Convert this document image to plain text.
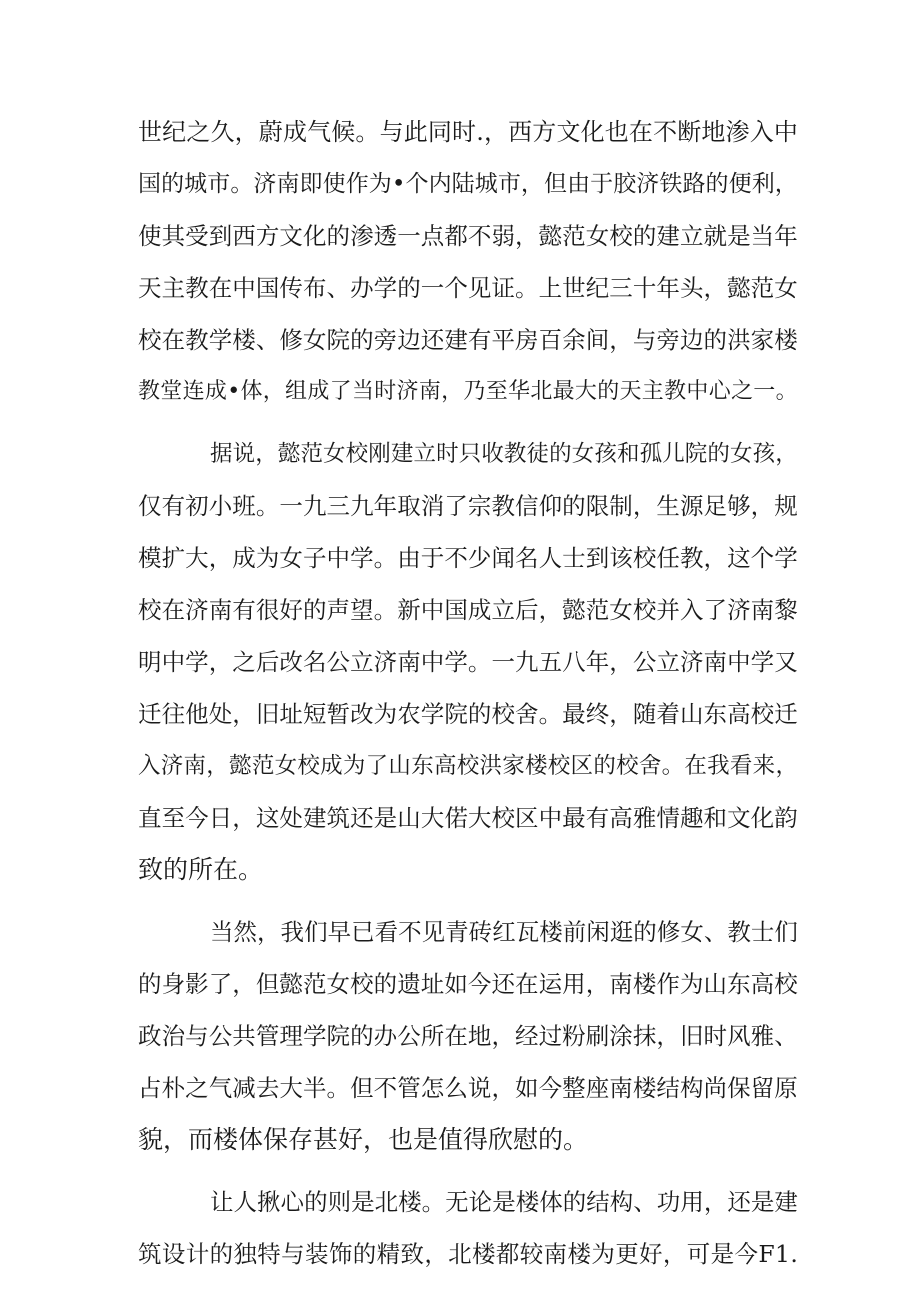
世 纪 之 久 ， 蔚 成 气 候 。 与 此 同 时 . ， 西 方 文 化 也 在 不 断 地 渗 入 中
国 的 城 市 。 济 南 即 使 作 为 • 个 内 陆 城 市 ， 但 由 于 胶 济 铁 路 的 便 利 ，
使 其 受 到 西 方 文 化 的 渗 透 一 点 都 不 弱 ， 懿 范 女 校 的 建 立 就 是 当 年
天 主 教 在 中 国 传 布 、 办 学 的 一 个 见 证 。 上 世 纪 三 十 年 头 ， 懿 范 女
校 在 教 学 楼 、 修 女 院 的 旁 边 还 建 有 平 房 百 余 间 ， 与 旁 边 的 洪 家 楼
教 堂 连 成 • 体 ， 组 成 了 当 时 济 南 ， 乃 至 华 北 最 大 的 天 主 教 中 心 之 一 。
据 说 ， 懿 范 女 校 刚 建 立 时 只 收 教 徒 的 女 孩 和 孤 儿 院 的 女 孩 ，
仅 有 初 小 班 。 一 九 三 九 年 取 消 了 宗 教 信 仰 的 限 制 ， 生 源 足 够 ， 规
模 扩 大 ， 成 为 女 子 中 学 。 由 于 不 少 闻 名 人 士 到 该 校 任 教 ， 这 个 学
校 在 济 南 有 很 好 的 声 望 。 新 中 国 成 立 后 ， 懿 范 女 校 并 入 了 济 南 黎
明 中 学 ， 之 后 改 名 公 立 济 南 中 学 。 一 九 五 八 年 ， 公 立 济 南 中 学 又
迁 往 他 处 ， 旧 址 短 暂 改 为 农 学 院 的 校 舍 。 最 终 ， 随 着 山 东 高 校 迁
入 济 南 ， 懿 范 女 校 成 为 了 山 东 高 校 洪 家 楼 校 区 的 校 舍 。 在 我 看 来 ，
直 至 今 日 ， 这 处 建 筑 还 是 山 大 偌 大 校 区 中 最 有 高 雅 情 趣 和 文 化 韵
致的所在。
当 然 ， 我 们 早 已 看 不 见 青 砖 红 瓦 楼 前 闲 逛 的 修 女 、 教 士 们
的 身 影 了 ， 但 懿 范 女 校 的 遗 址 如 今 还 在 运 用 ， 南 楼 作 为 山 东 高 校
政 治 与 公 共 管 理 学 院 的 办 公 所 在 地 ， 经 过 粉 刷 涂 抹 ， 旧 时 风 雅 、
占 朴 之 气 减 去 大 半 。 但 不 管 怎 么 说 ， 如 今 整 座 南 楼 结 构 尚 保 留 原
貌，而楼体保存甚好，也是值得欣慰的。
让 人 揪 心 的 则 是 北 楼 。 无 论 是 楼 体 的 结 构 、 功 用 ， 还 是 建
筑 设 计 的 独 特 与 装 饰 的 精 致 ， 北 楼 都 较 南 楼 为 更 好 ， 可 是 今 F 1 .
